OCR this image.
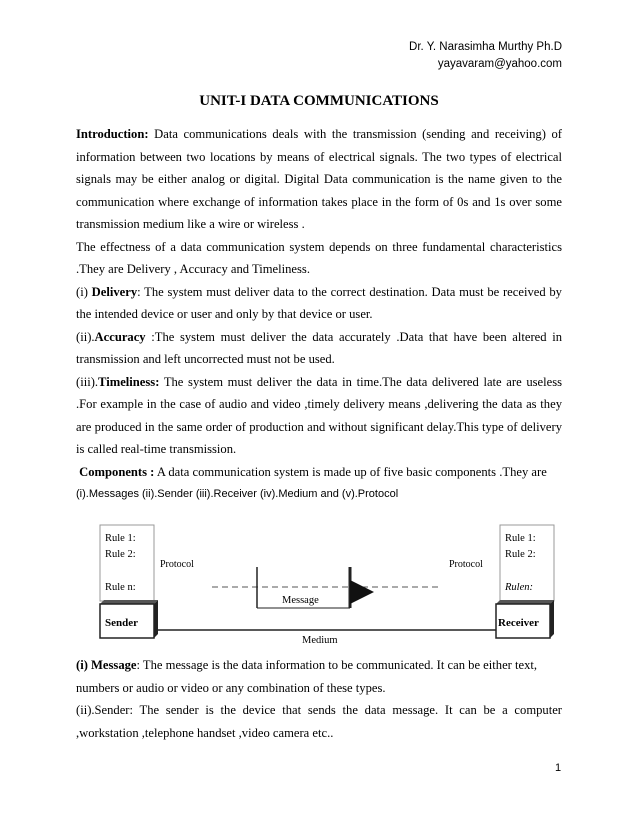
Dr. Y. Narasimha Murthy Ph.D
yayavaram@yahoo.com
UNIT-I DATA COMMUNICATIONS

Introduction: Data communications deals with the transmission (sending and receiving) of information between two locations by means of electrical signals. The two types of electrical signals may be either analog or digital. Digital Data communication is the name given to the communication where exchange of information takes place in the form of 0s and 1s over some transmission medium like a wire or wireless .

The effectness of a data communication system depends on three fundamental characteristics .They are Delivery , Accuracy and Timeliness.

(i) Delivery: The system must deliver data to the correct destination. Data must be received by the intended device or user and only by that device or user.

(ii).Accuracy :The system must deliver the data accurately .Data that have been altered in transmission and left uncorrected must not be used.

(iii).Timeliness: The system must deliver the data in time.The data delivered late are useless .For example in the case of audio and video ,timely delivery means ,delivering the data as they are produced in the same order of production and without significant delay.This type of delivery is called real-time transmission.

Components : A data communication system is made up of five basic components .They are

(i).Messages (ii).Sender (iii).Receiver (iv).Medium and (v).Protocol

Rule 1:
Rule 2:
Rule n:
Protocol
Rule 1:
Rule 2:
Rulen:
Protocol
Sender	Receiver
Message
Medium

(i) Message: The message is the data information to be communicated. It can be either text, numbers or audio or video or any combination of these types.

(ii).Sender: The sender is the device that sends the data message. It can be a computer ,workstation ,telephone handset ,video camera etc..

1
